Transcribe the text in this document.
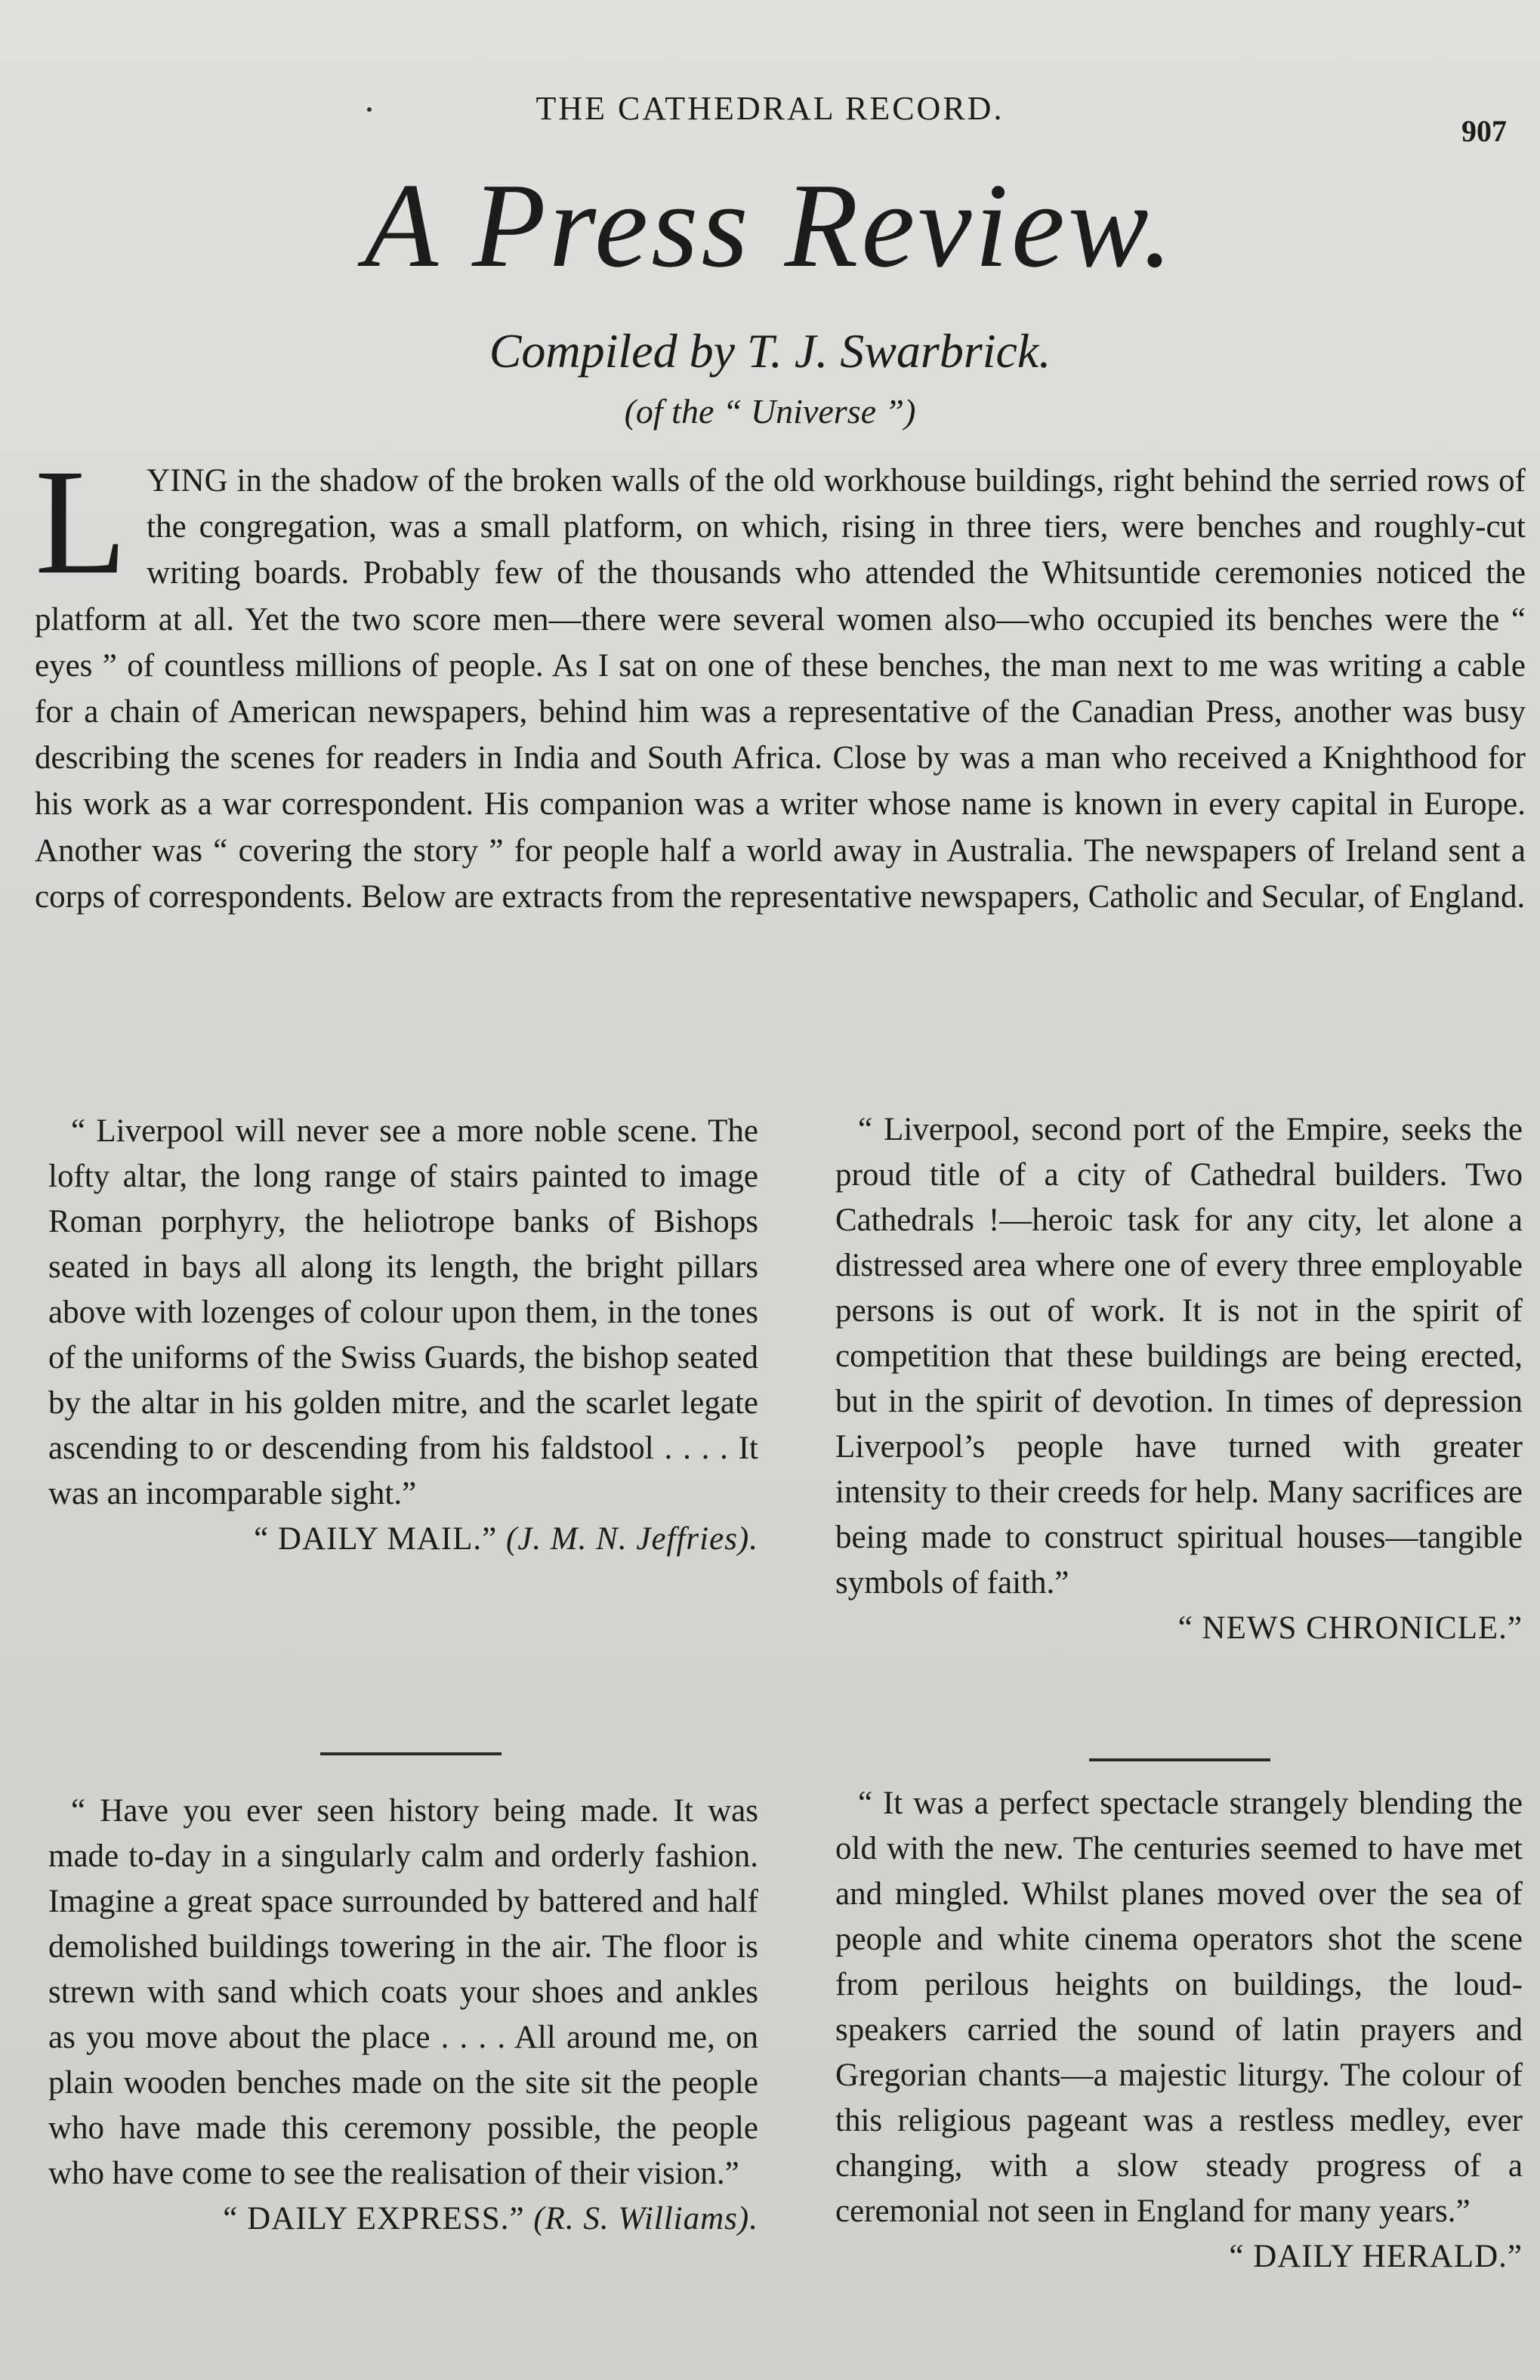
THE CATHEDRAL RECORD.
907
A Press Review.
Compiled by T. J. Swarbrick.
(of the “ Universe ”)
L YING in the shadow of the broken walls of the old workhouse buildings, right behind the serried rows of the congregation, was a small platform, on which, rising in three tiers, were benches and roughly-cut writing boards. Probably few of the thousands who attended the Whitsuntide ceremonies noticed the platform at all. Yet the two score men—there were several women also—who occupied its benches were the “ eyes ” of countless millions of people. As I sat on one of these benches, the man next to me was writing a cable for a chain of American newspapers, behind him was a representative of the Canadian Press, another was busy describing the scenes for readers in India and South Africa. Close by was a man who received a Knighthood for his work as a war correspondent. His companion was a writer whose name is known in every capital in Europe. Another was “ covering the story ” for people half a world away in Australia. The newspapers of Ireland sent a corps of correspondents. Below are extracts from the representative newspapers, Catholic and Secular, of England.

“ Liverpool will never see a more noble scene. The lofty altar, the long range of stairs painted to image Roman porphyry, the heliotrope banks of Bishops seated in bays all along its length, the bright pillars above with lozenges of colour upon them, in the tones of the uniforms of the Swiss Guards, the bishop seated by the altar in his golden mitre, and the scarlet legate ascending to or descending from his faldstool . . . . It was an incomparable sight.”

“ DAILY MAIL.” (J. M. N. Jeffries).

“ Liverpool, second port of the Empire, seeks the proud title of a city of Cathedral builders. Two Cathedrals !—heroic task for any city, let alone a distressed area where one of every three employable persons is out of work. It is not in the spirit of competition that these buildings are being erected, but in the spirit of devotion. In times of depression Liverpool’s people have turned with greater intensity to their creeds for help. Many sacrifices are being made to construct spiritual houses—tangible symbols of faith.”

“ NEWS CHRONICLE.”

“ Have you ever seen history being made. It was made to-day in a singularly calm and orderly fashion. Imagine a great space surrounded by battered and half demolished buildings towering in the air. The floor is strewn with sand which coats your shoes and ankles as you move about the place . . . . All around me, on plain wooden benches made on the site sit the people who have made this ceremony possible, the people who have come to see the realisation of their vision.”

“ DAILY EXPRESS.” (R. S. Williams).

“ It was a perfect spectacle strangely blending the old with the new. The centuries seemed to have met and mingled. Whilst planes moved over the sea of people and white cinema operators shot the scene from perilous heights on buildings, the loud-speakers carried the sound of latin prayers and Gregorian chants—a majestic liturgy. The colour of this religious pageant was a restless medley, ever changing, with a slow steady progress of a ceremonial not seen in England for many years.”

“ DAILY HERALD.”
